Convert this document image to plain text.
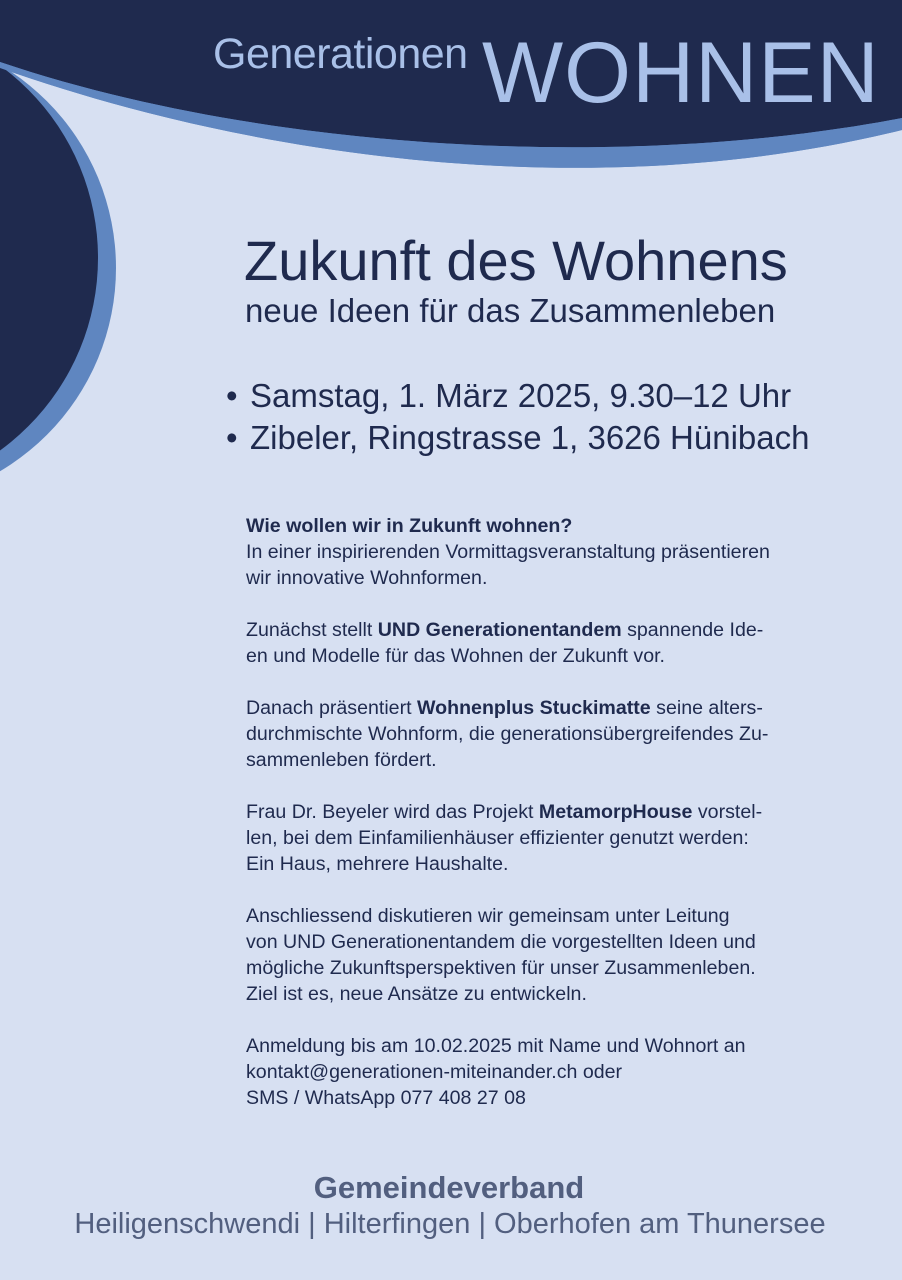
Generationen WOHNEN
Zukunft des Wohnens
neue Ideen für das Zusammenleben
• Samstag, 1. März 2025, 9.30–12 Uhr
• Zibeler, Ringstrasse 1, 3626 Hünibach

Wie wollen wir in Zukunft wohnen?
In einer inspirierenden Vormittagsveranstaltung präsentieren
wir innovative Wohnformen.

Zunächst stellt UND Generationentandem spannende Ide-
en und Modelle für das Wohnen der Zukunft vor.

Danach präsentiert Wohnenplus Stuckimatte seine alters-
durchmischte Wohnform, die generationsübergreifendes Zu-
sammenleben fördert.

Frau Dr. Beyeler wird das Projekt MetamorpHouse vorstel-
len, bei dem Einfamilienhäuser effizienter genutzt werden:
Ein Haus, mehrere Haushalte.

Anschliessend diskutieren wir gemeinsam unter Leitung
von UND Generationentandem die vorgestellten Ideen und
mögliche Zukunftsperspektiven für unser Zusammenleben.
Ziel ist es, neue Ansätze zu entwickeln.

Anmeldung bis am 10.02.2025 mit Name und Wohnort an
kontakt@generationen-miteinander.ch oder
SMS / WhatsApp 077 408 27 08

Gemeindeverband
Heiligenschwendi | Hilterfingen | Oberhofen am Thunersee
